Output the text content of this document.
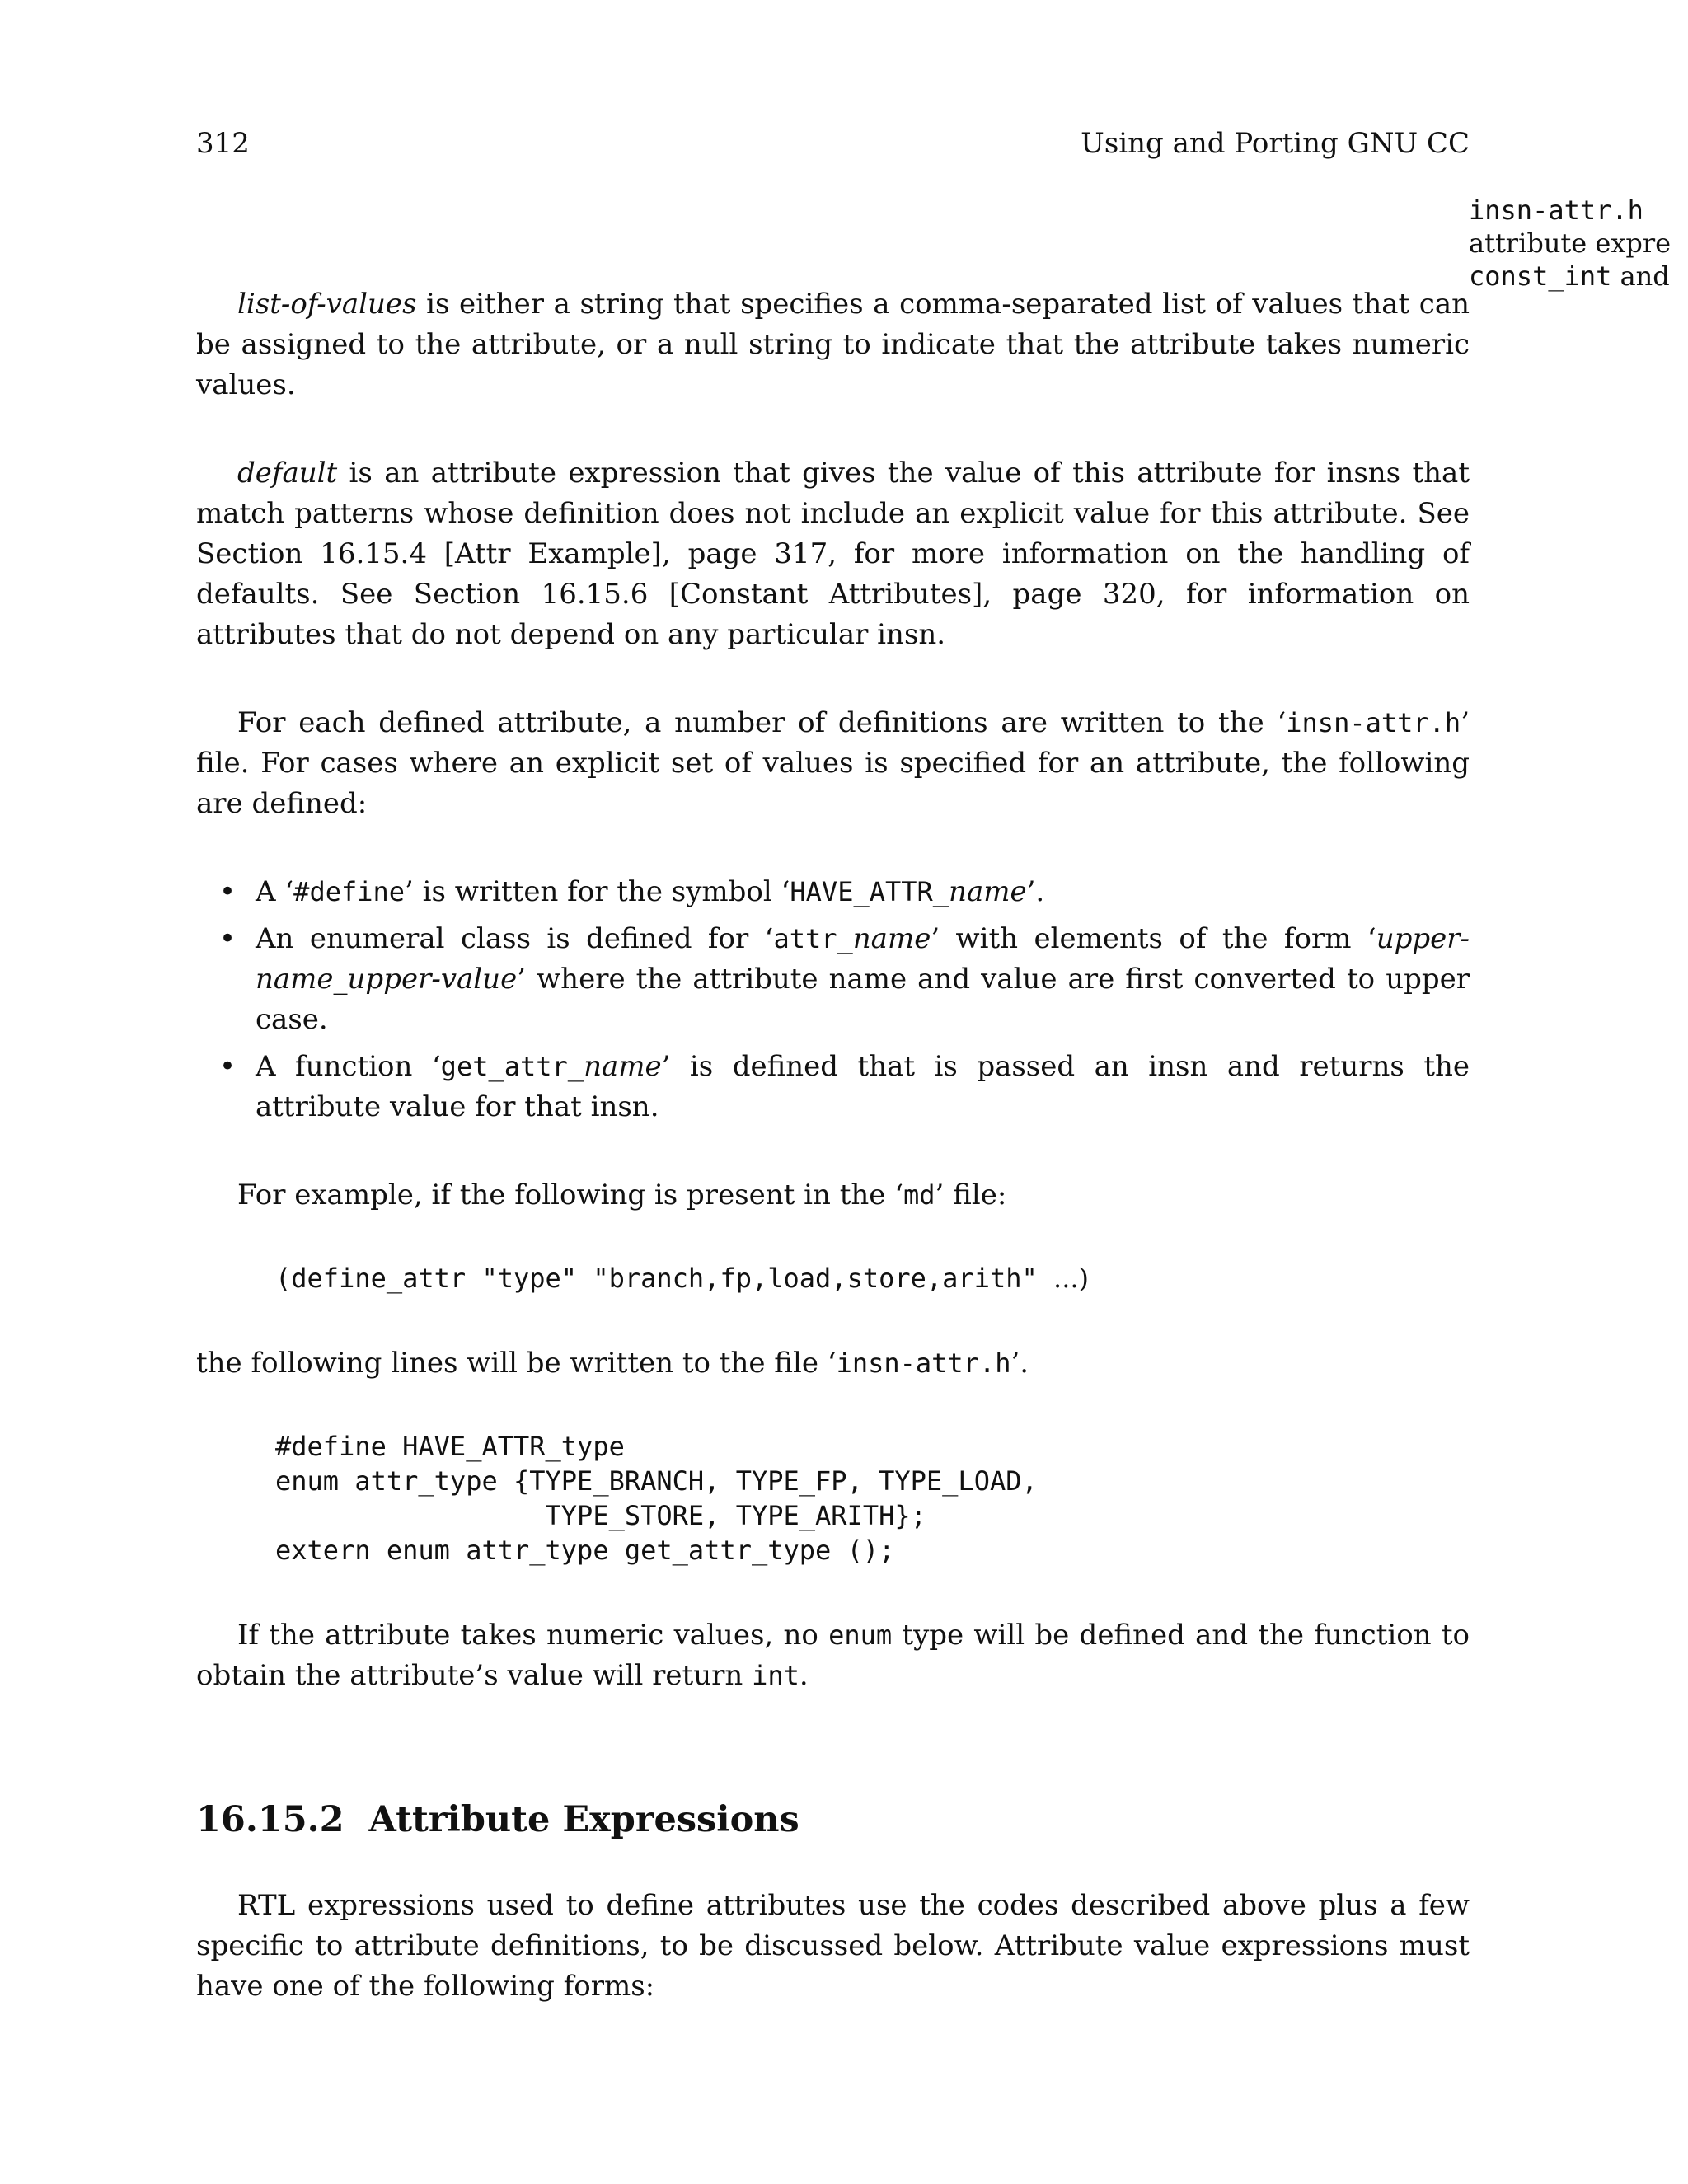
312	Using and Porting GNU CC
insn-attr.h
attribute expre
const_int and

list-of-values is either a string that specifies a comma-separated list of values that can be assigned to the attribute, or a null string to indicate that the attribute takes numeric values.

default is an attribute expression that gives the value of this attribute for insns that match patterns whose definition does not include an explicit value for this attribute. See Section 16.15.4 [Attr Example], page 317, for more information on the handling of defaults. See Section 16.15.6 [Constant Attributes], page 320, for information on attributes that do not depend on any particular insn.

For each defined attribute, a number of definitions are written to the ‘insn-attr.h’ file. For cases where an explicit set of values is specified for an attribute, the following are defined:

• A ‘#define’ is written for the symbol ‘HAVE_ATTR_name’.
• An enumeral class is defined for ‘attr_name’ with elements of the form ‘upper-name_upper-value’ where the attribute name and value are first converted to upper case.
• A function ‘get_attr_name’ is defined that is passed an insn and returns the attribute value for that insn.

For example, if the following is present in the ‘md’ file:

(define_attr "type" "branch,fp,load,store,arith" ...)

the following lines will be written to the file ‘insn-attr.h’.

#define HAVE_ATTR_type
enum attr_type {TYPE_BRANCH, TYPE_FP, TYPE_LOAD,
TYPE_STORE, TYPE_ARITH};
extern enum attr_type get_attr_type ();

If the attribute takes numeric values, no enum type will be defined and the function to obtain the attribute’s value will return int.

16.15.2 Attribute Expressions

RTL expressions used to define attributes use the codes described above plus a few specific to attribute definitions, to be discussed below. Attribute value expressions must have one of the following forms:
